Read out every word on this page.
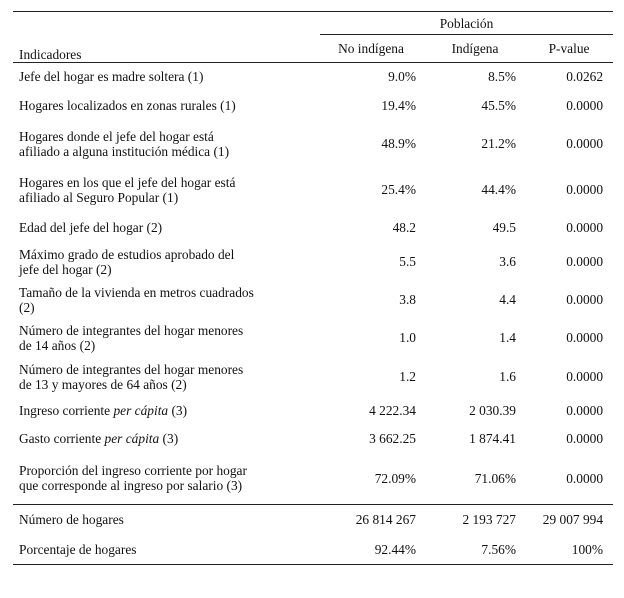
	Población		
Indicadores	No indígena	Indígena	P-value
Jefe del hogar es madre soltera (1)	9.0%	8.5%	0.0262
Hogares localizados en zonas rurales (1)	19.4%	45.5%	0.0000

Hogares donde el jefe del hogar está
afiliado a alguna institución médica (1)	48.9%	21.2%	0.0000

Hogares en los que el jefe del hogar está
afiliado al Seguro Popular (1)	25.4%	44.4%	0.0000
Edad del jefe del hogar (2)	48.2	49.5	0.0000

Máximo grado de estudios aprobado del
jefe del hogar (2)	5.5	3.6	0.0000

Tamaño de la vivienda en metros cuadrados
(2)	3.8	4.4	0.0000

Número de integrantes del hogar menores
de 14 años (2)	1.0	1.4	0.0000

Número de integrantes del hogar menores
de 13 y mayores de 64 años (2)	1.2	1.6	0.0000
Ingreso corriente per cápita (3)	4 222.34	2 030.39	0.0000
Gasto corriente per cápita (3)	3 662.25	1 874.41	0.0000

Proporción del ingreso corriente por hogar
que corresponde al ingreso por salario (3)	72.09%	71.06%	0.0000
Número de hogares	26 814 267	2 193 727	29 007 994
Porcentaje de hogares	92.44%	7.56%	100%
